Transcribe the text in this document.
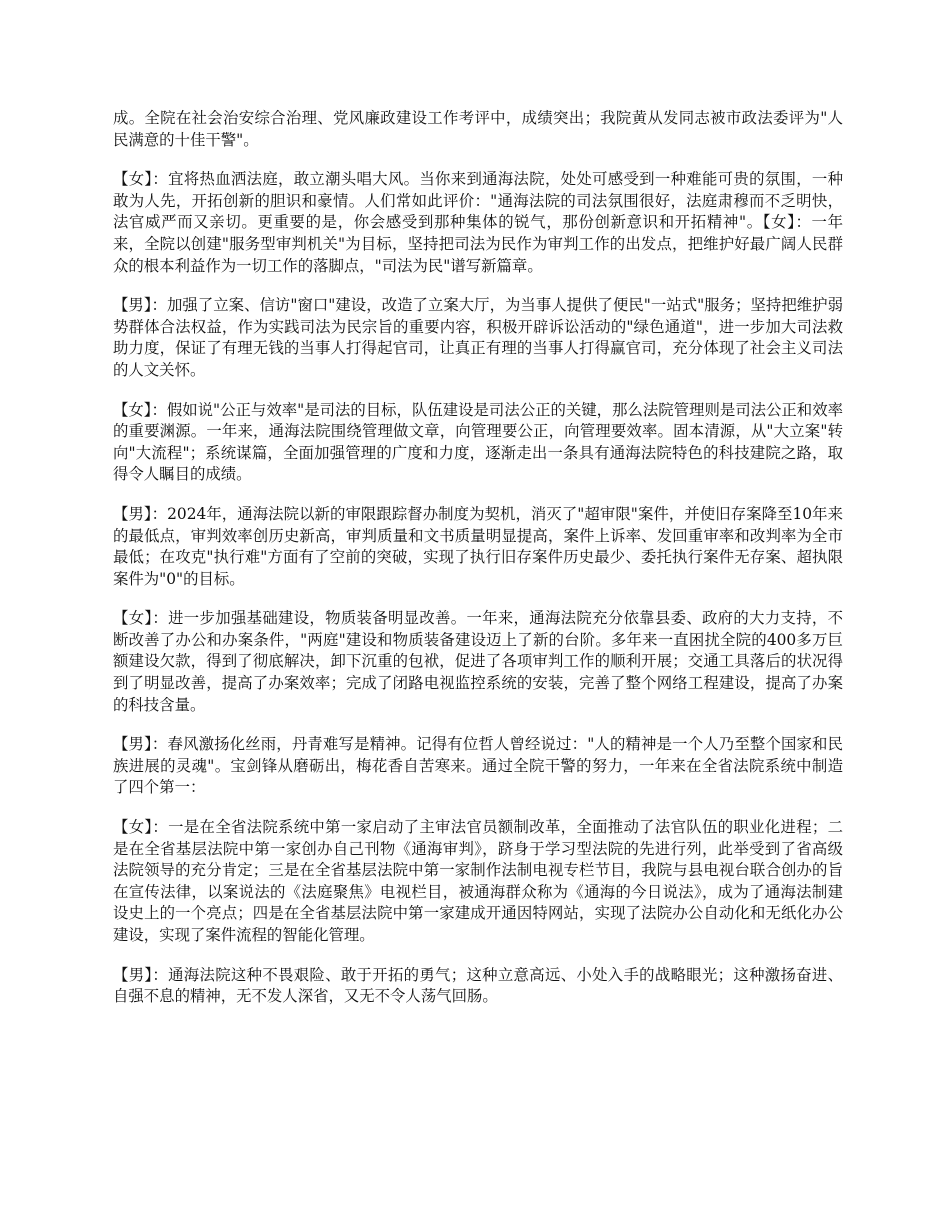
成。全院在社会治安综合治理、党风廉政建设工作考评中，成绩突出；我院黄从发同志被市政法委评为"人民满意的十佳干警"。

【女】：宜将热血洒法庭，敢立潮头唱大风。当你来到通海法院，处处可感受到一种难能可贵的氛围，一种敢为人先，开拓创新的胆识和豪情。人们常如此评价："通海法院的司法氛围很好，法庭肃穆而不乏明快，法官威严而又亲切。更重要的是，你会感受到那种集体的锐气，那份创新意识和开拓精神"。【女】：一年来，全院以创建"服务型审判机关"为目标，坚持把司法为民作为审判工作的出发点，把维护好最广阔人民群众的根本利益作为一切工作的落脚点，"司法为民"谱写新篇章。

【男】：加强了立案、信访"窗口"建设，改造了立案大厅，为当事人提供了便民"一站式"服务；坚持把维护弱势群体合法权益，作为实践司法为民宗旨的重要内容，积极开辟诉讼活动的"绿色通道"，进一步加大司法救助力度，保证了有理无钱的当事人打得起官司，让真正有理的当事人打得赢官司，充分体现了社会主义司法的人文关怀。

【女】：假如说"公正与效率"是司法的目标，队伍建设是司法公正的关键，那么法院管理则是司法公正和效率的重要渊源。一年来，通海法院围绕管理做文章，向管理要公正，向管理要效率。固本清源，从"大立案"转向"大流程"；系统谋篇，全面加强管理的广度和力度，逐渐走出一条具有通海法院特色的科技建院之路，取得令人瞩目的成绩。

【男】：2024年，通海法院以新的审限跟踪督办制度为契机，消灭了"超审限"案件，并使旧存案降至10年来的最低点，审判效率创历史新高，审判质量和文书质量明显提高，案件上诉率、发回重审率和改判率为全市最低；在攻克"执行难"方面有了空前的突破，实现了执行旧存案件历史最少、委托执行案件无存案、超执限案件为"0"的目标。

【女】：进一步加强基础建设，物质装备明显改善。一年来，通海法院充分依靠县委、政府的大力支持，不断改善了办公和办案条件，"两庭"建设和物质装备建设迈上了新的台阶。多年来一直困扰全院的400多万巨额建设欠款，得到了彻底解决，卸下沉重的包袱，促进了各项审判工作的顺利开展；交通工具落后的状况得到了明显改善，提高了办案效率；完成了闭路电视监控系统的安装，完善了整个网络工程建设，提高了办案的科技含量。

【男】：春风激扬化丝雨，丹青难写是精神。记得有位哲人曾经说过："人的精神是一个人乃至整个国家和民族进展的灵魂"。宝剑锋从磨砺出，梅花香自苦寒来。通过全院干警的努力，一年来在全省法院系统中制造了四个第一：

【女】：一是在全省法院系统中第一家启动了主审法官员额制改革，全面推动了法官队伍的职业化进程；二是在全省基层法院中第一家创办自己刊物《通海审判》，跻身于学习型法院的先进行列，此举受到了省高级法院领导的充分肯定；三是在全省基层法院中第一家制作法制电视专栏节目，我院与县电视台联合创办的旨在宣传法律，以案说法的《法庭聚焦》电视栏目，被通海群众称为《通海的今日说法》，成为了通海法制建设史上的一个亮点；四是在全省基层法院中第一家建成开通因特网站，实现了法院办公自动化和无纸化办公建设，实现了案件流程的智能化管理。

【男】：通海法院这种不畏艰险、敢于开拓的勇气；这种立意高远、小处入手的战略眼光；这种激扬奋进、自强不息的精神，无不发人深省，又无不令人荡气回肠。
